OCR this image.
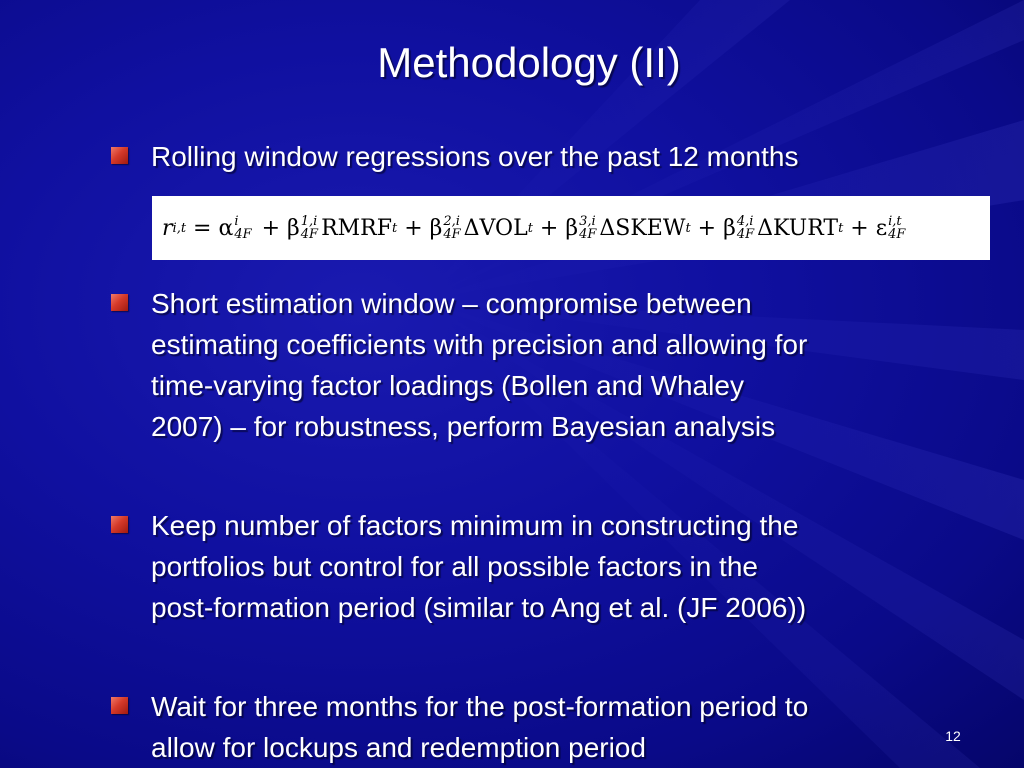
Methodology (II)
Rolling window regressions over the past 12 months
r i,t = α i
4F + β 1,i
4F RMRF t + β 2,i
4F ΔVOL t + β 3,i
4F ΔSKEW t + β 4,i
4F ΔKURT t + ε i,t
4F
Short estimation window – compromise between
estimating coefficients with precision and allowing for
time-varying factor loadings (Bollen and Whaley
2007) – for robustness, perform Bayesian analysis
Keep number of factors minimum in constructing the
portfolios but control for all possible factors in the
post-formation period (similar to Ang et al. (JF 2006))
Wait for three months for the post-formation period to
allow for lockups and redemption period	12
